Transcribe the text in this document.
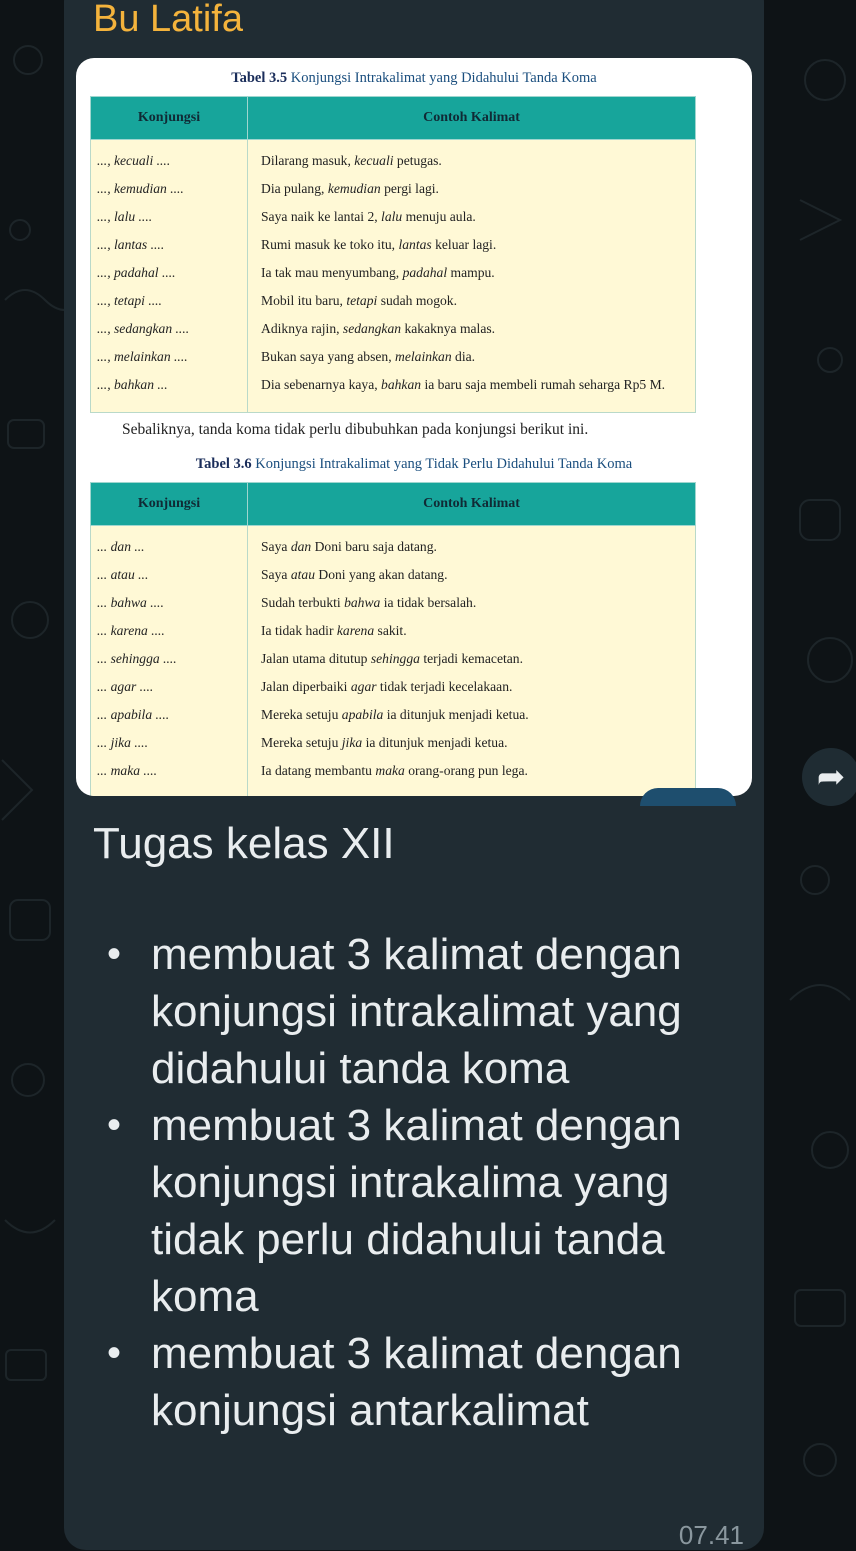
Bu Latifa
Tabel 3.5 Konjungsi Intrakalimat yang Didahului Tanda Koma
Konjungsi	Contoh Kalimat
..., kecuali ....	Dilarang masuk, kecuali petugas.
..., kemudian ....	Dia pulang, kemudian pergi lagi.
..., lalu ....	Saya naik ke lantai 2, lalu menuju aula.
..., lantas ....	Rumi masuk ke toko itu, lantas keluar lagi.
..., padahal ....	Ia tak mau menyumbang, padahal mampu.
..., tetapi ....	Mobil itu baru, tetapi sudah mogok.
..., sedangkan ....	Adiknya rajin, sedangkan kakaknya malas.
..., melainkan ....	Bukan saya yang absen, melainkan dia.
..., bahkan ...	Dia sebenarnya kaya, bahkan ia baru saja membeli rumah seharga Rp5 M.

Sebaliknya, tanda koma tidak perlu dibubuhkan pada konjungsi berikut ini.

Tabel 3.6 Konjungsi Intrakalimat yang Tidak Perlu Didahului Tanda Koma
Konjungsi	Contoh Kalimat
... dan ...	Saya dan Doni baru saja datang.
... atau ...	Saya atau Doni yang akan datang.
... bahwa ....	Sudah terbukti bahwa ia tidak bersalah.
... karena ....	Ia tidak hadir karena sakit.
... sehingga ....	Jalan utama ditutup sehingga terjadi kemacetan.
... agar ....	Jalan diperbaiki agar tidak terjadi kecelakaan.
... apabila ....	Mereka setuju apabila ia ditunjuk menjadi ketua.
... jika ....	Mereka setuju jika ia ditunjuk menjadi ketua.
... maka ....	Ia datang membantu maka orang-orang pun lega.	➦

Tugas kelas XII

• membuat 3 kalimat dengan konjungsi intrakalimat yang didahului tanda koma
• membuat 3 kalimat dengan konjungsi intrakalima yang tidak perlu didahului tanda koma
• membuat 3 kalimat dengan konjungsi antarkalimat
07.41
